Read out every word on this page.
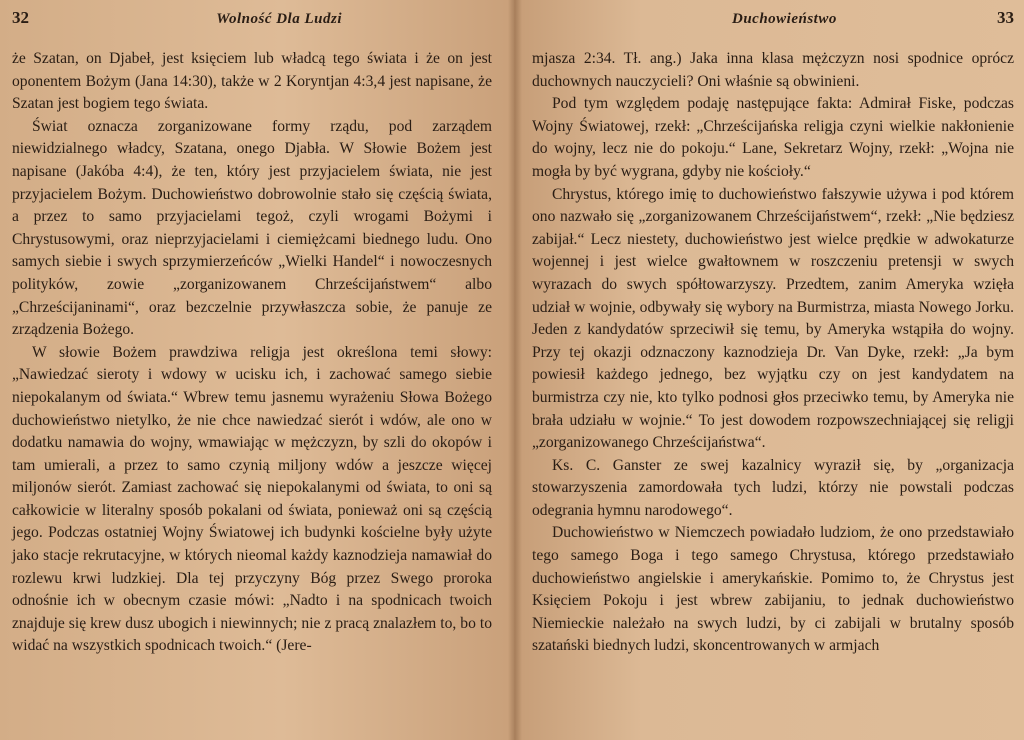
32	Wolność Dla Ludzi

że Szatan, on Djabeł, jest księciem lub władcą tego świata i że on jest oponentem Bożym (Jana 14:30), także w 2 Koryntjan 4:3,4 jest napisane, że Szatan jest bogiem tego świata.

Świat oznacza zorganizowane formy rządu, pod zarządem niewidzialnego władcy, Szatana, onego Djabła. W Słowie Bożem jest napisane (Jakóba 4:4), że ten, który jest przyjacielem świata, nie jest przyjacielem Bożym. Duchowieństwo dobrowolnie stało się częścią świata, a przez to samo przyjacielami tegoż, czyli wrogami Bożymi i Chrystusowymi, oraz nieprzyjacielami i ciemiężcami biednego ludu. Ono samych siebie i swych sprzymierzeńców „Wielki Handel“ i nowoczesnych polityków, zowie „zorganizowanem Chrześcijaństwem“ albo „Chrześcijaninami“, oraz bezczelnie przywłaszcza sobie, że panuje ze zrządzenia Bożego.

W słowie Bożem prawdziwa religja jest określona temi słowy: „Nawiedzać sieroty i wdowy w ucisku ich, i zachować samego siebie niepokalanym od świata.“ Wbrew temu jasnemu wyrażeniu Słowa Bożego duchowieństwo nietylko, że nie chce nawiedzać sierót i wdów, ale ono w dodatku namawia do wojny, wmawiając w mężczyzn, by szli do okopów i tam umierali, a przez to samo czynią miljony wdów a jeszcze więcej miljonów sierót. Zamiast zachować się niepokalanymi od świata, to oni są całkowicie w literalny sposób pokalani od świata, ponieważ oni są częścią jego. Podczas ostatniej Wojny Światowej ich budynki kościelne były użyte jako stacje rekrutacyjne, w których nieomal każdy kaznodzieja namawiał do rozlewu krwi ludzkiej. Dla tej przyczyny Bóg przez Swego proroka odnośnie ich w obecnym czasie mówi: „Nadto i na spodnicach twoich znajduje się krew dusz ubogich i niewinnych; nie z pracą znalazłem to, bo to widać na wszystkich spodnicach twoich.“ (Jere-

Duchowieństwo	33

mjasza 2:34. Tł. ang.) Jaka inna klasa mężczyzn nosi spodnice oprócz duchownych nauczycieli? Oni właśnie są obwinieni.

Pod tym względem podaję następujące fakta: Admirał Fiske, podczas Wojny Światowej, rzekł: „Chrześcijańska religja czyni wielkie nakłonienie do wojny, lecz nie do pokoju.“ Lane, Sekretarz Wojny, rzekł: „Wojna nie mogła by być wygrana, gdyby nie kościoły.“

Chrystus, którego imię to duchowieństwo fałszywie używa i pod którem ono nazwało się „zorganizowanem Chrześcijaństwem“, rzekł: „Nie będziesz zabijał.“ Lecz niestety, duchowieństwo jest wielce prędkie w adwokaturze wojennej i jest wielce gwałtownem w roszczeniu pretensji w swych wyrazach do swych spółtowarzyszy. Przedtem, zanim Ameryka wzięła udział w wojnie, odbywały się wybory na Burmistrza, miasta Nowego Jorku. Jeden z kandydatów sprzeciwił się temu, by Ameryka wstąpiła do wojny. Przy tej okazji odznaczony kaznodzieja Dr. Van Dyke, rzekł: „Ja bym powiesił każdego jednego, bez wyjątku czy on jest kandydatem na burmistrza czy nie, kto tylko podnosi głos przeciwko temu, by Ameryka nie brała udziału w wojnie.“ To jest dowodem rozpowszechniającej się religji „zorganizowanego Chrześcijaństwa“.

Ks. C. Ganster ze swej kazalnicy wyraził się, by „organizacja stowarzyszenia zamordowała tych ludzi, którzy nie powstali podczas odegrania hymnu narodowego“.

Duchowieństwo w Niemczech powiadało ludziom, że ono przedstawiało tego samego Boga i tego samego Chrystusa, którego przedstawiało duchowieństwo angielskie i amerykańskie. Pomimo to, że Chrystus jest Księciem Pokoju i jest wbrew zabijaniu, to jednak duchowieństwo Niemieckie należało na swych ludzi, by ci zabijali w brutalny sposób szatański biednych ludzi, skoncentrowanych w armjach
